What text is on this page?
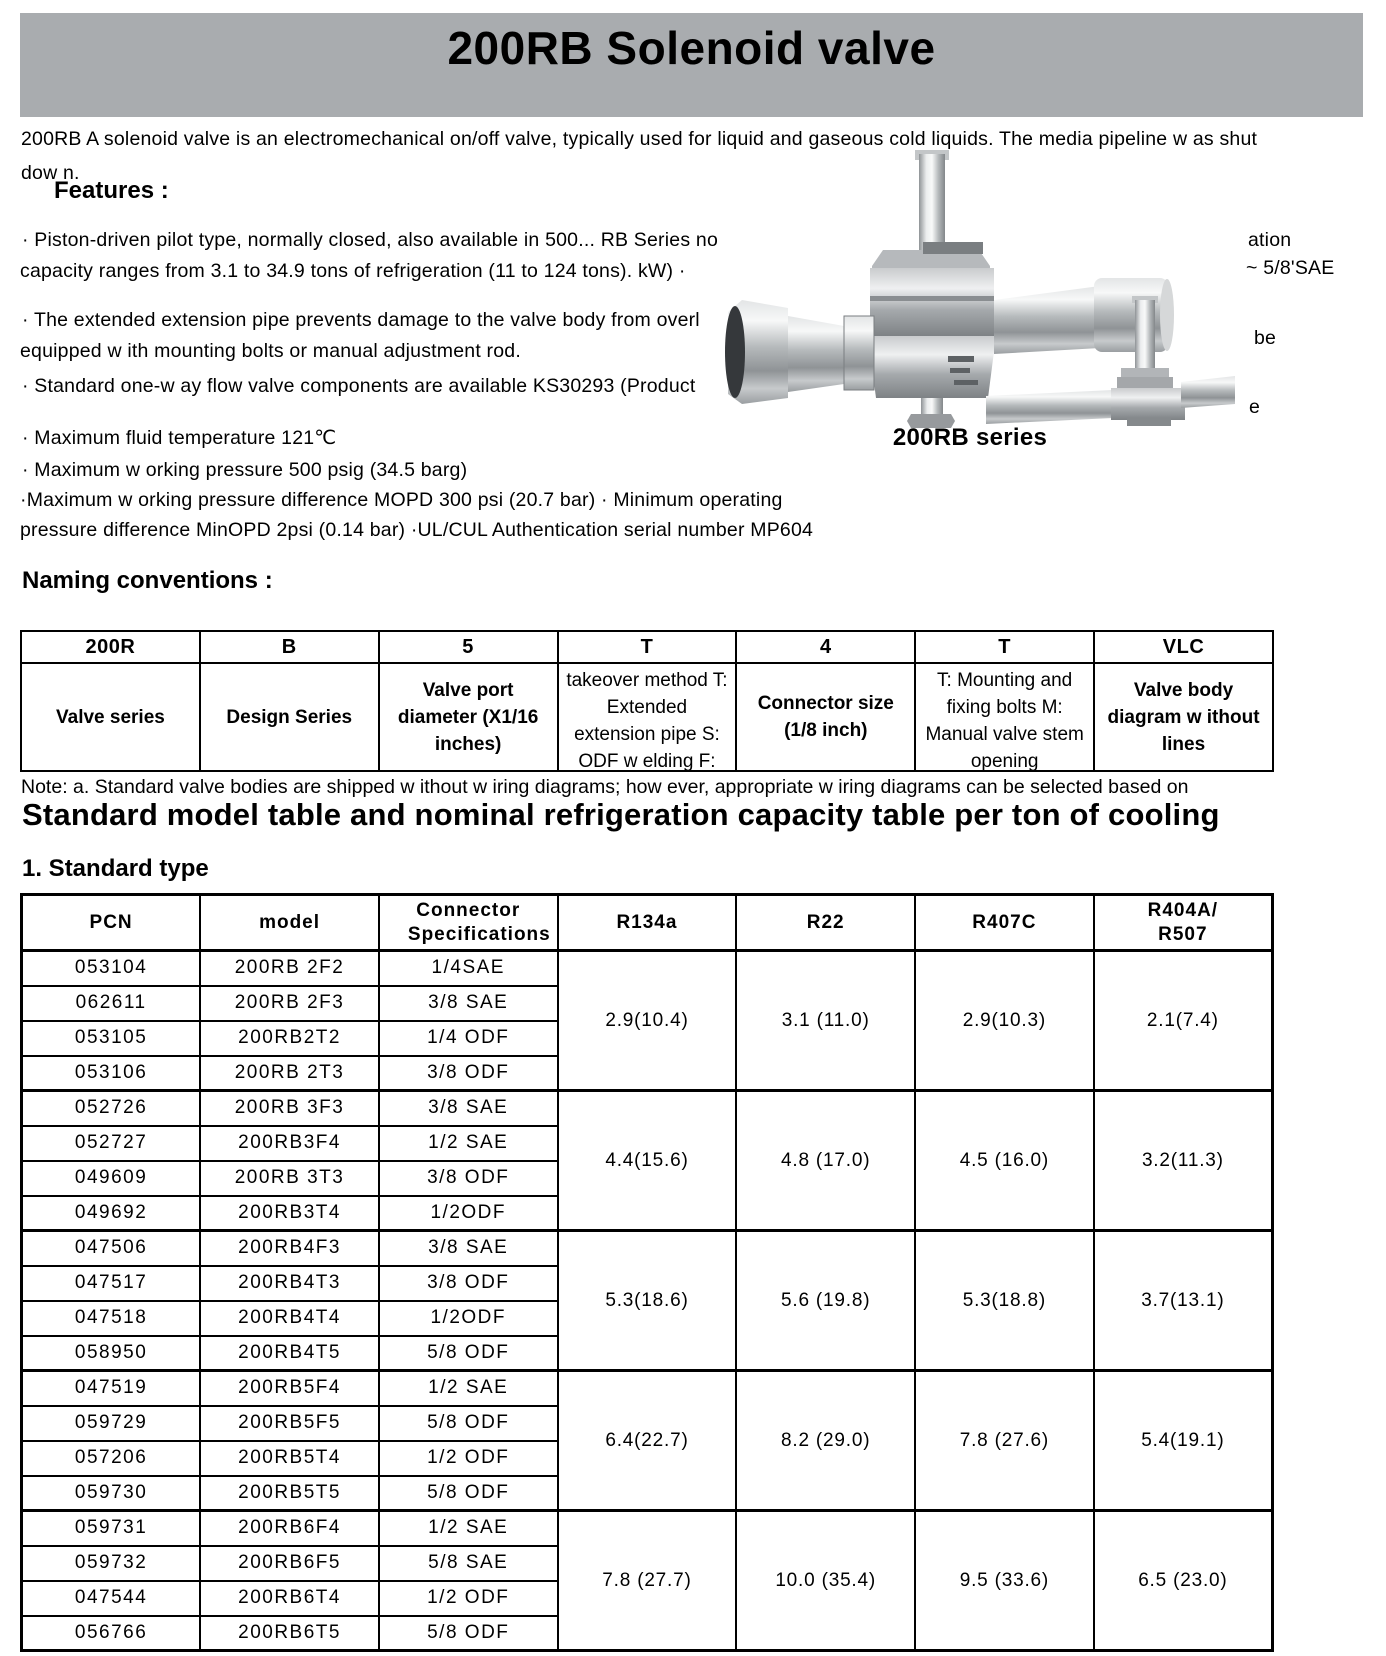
200RB Solenoid valve
200RB A solenoid valve is an electromechanical on/off valve, typically used for liquid and gaseous cold liquids. The media pipeline w as shut
dow n.
Features :
· Piston-driven pilot type, normally closed, also available in 500... RB Series no
capacity ranges from 3.1 to 34.9 tons of refrigeration (11 to 124 tons). kW) ·
· The extended extension pipe prevents damage to the valve body from overl
equipped w ith mounting bolts or manual adjustment rod.
· Standard one-w ay flow valve components are available KS30293 (Product
· Maximum fluid temperature 121℃
· Maximum w orking pressure 500 psig (34.5 barg)
·Maximum w orking pressure difference MOPD 300 psi (20.7 bar) · Minimum operating
pressure difference MinOPD 2psi (0.14 bar) ·UL/CUL Authentication serial number MP604
ation
~ 5/8'SAE
be
e
200RB series
Naming conventions :
200R	B	5	T	4	T	VLC

Valve series	Design Series	Valve port diameter (X1/16 inches)	takeover method T: Extended extension pipe S: ODF w elding F:	Connector size (1/8 inch)	T: Mounting and fixing bolts M: Manual valve stem opening	Valve body diagram w ithout lines
Note: a. Standard valve bodies are shipped w ithout w iring diagrams; how ever, appropriate w iring diagrams can be selected based on
Standard model table and nominal refrigeration capacity table per ton of cooling
1. Standard type
PCN	model	Connector Specifications	R134a	R22	R407C	R404A/ R507
053104	200RB 2F2	1/4SAE	2.9(10.4)	3.1 (11.0)	2.9(10.3)	2.1(7.4)
062611	200RB 2F3	3/8 SAE				
053105	200RB2T2	1/4 ODF				
053106	200RB 2T3	3/8 ODF				
052726	200RB 3F3	3/8 SAE	4.4(15.6)	4.8 (17.0)	4.5 (16.0)	3.2(11.3)
052727	200RB3F4	1/2 SAE				
049609	200RB 3T3	3/8 ODF				
049692	200RB3T4	1/2ODF				
047506	200RB4F3	3/8 SAE	5.3(18.6)	5.6 (19.8)	5.3(18.8)	3.7(13.1)
047517	200RB4T3	3/8 ODF				
047518	200RB4T4	1/2ODF				
058950	200RB4T5	5/8 ODF				
047519	200RB5F4	1/2 SAE	6.4(22.7)	8.2 (29.0)	7.8 (27.6)	5.4(19.1)
059729	200RB5F5	5/8 ODF				
057206	200RB5T4	1/2 ODF				
059730	200RB5T5	5/8 ODF				
059731	200RB6F4	1/2 SAE	7.8 (27.7)	10.0 (35.4)	9.5 (33.6)	6.5 (23.0)
059732	200RB6F5	5/8 SAE				
047544	200RB6T4	1/2 ODF				
056766	200RB6T5	5/8 ODF				
